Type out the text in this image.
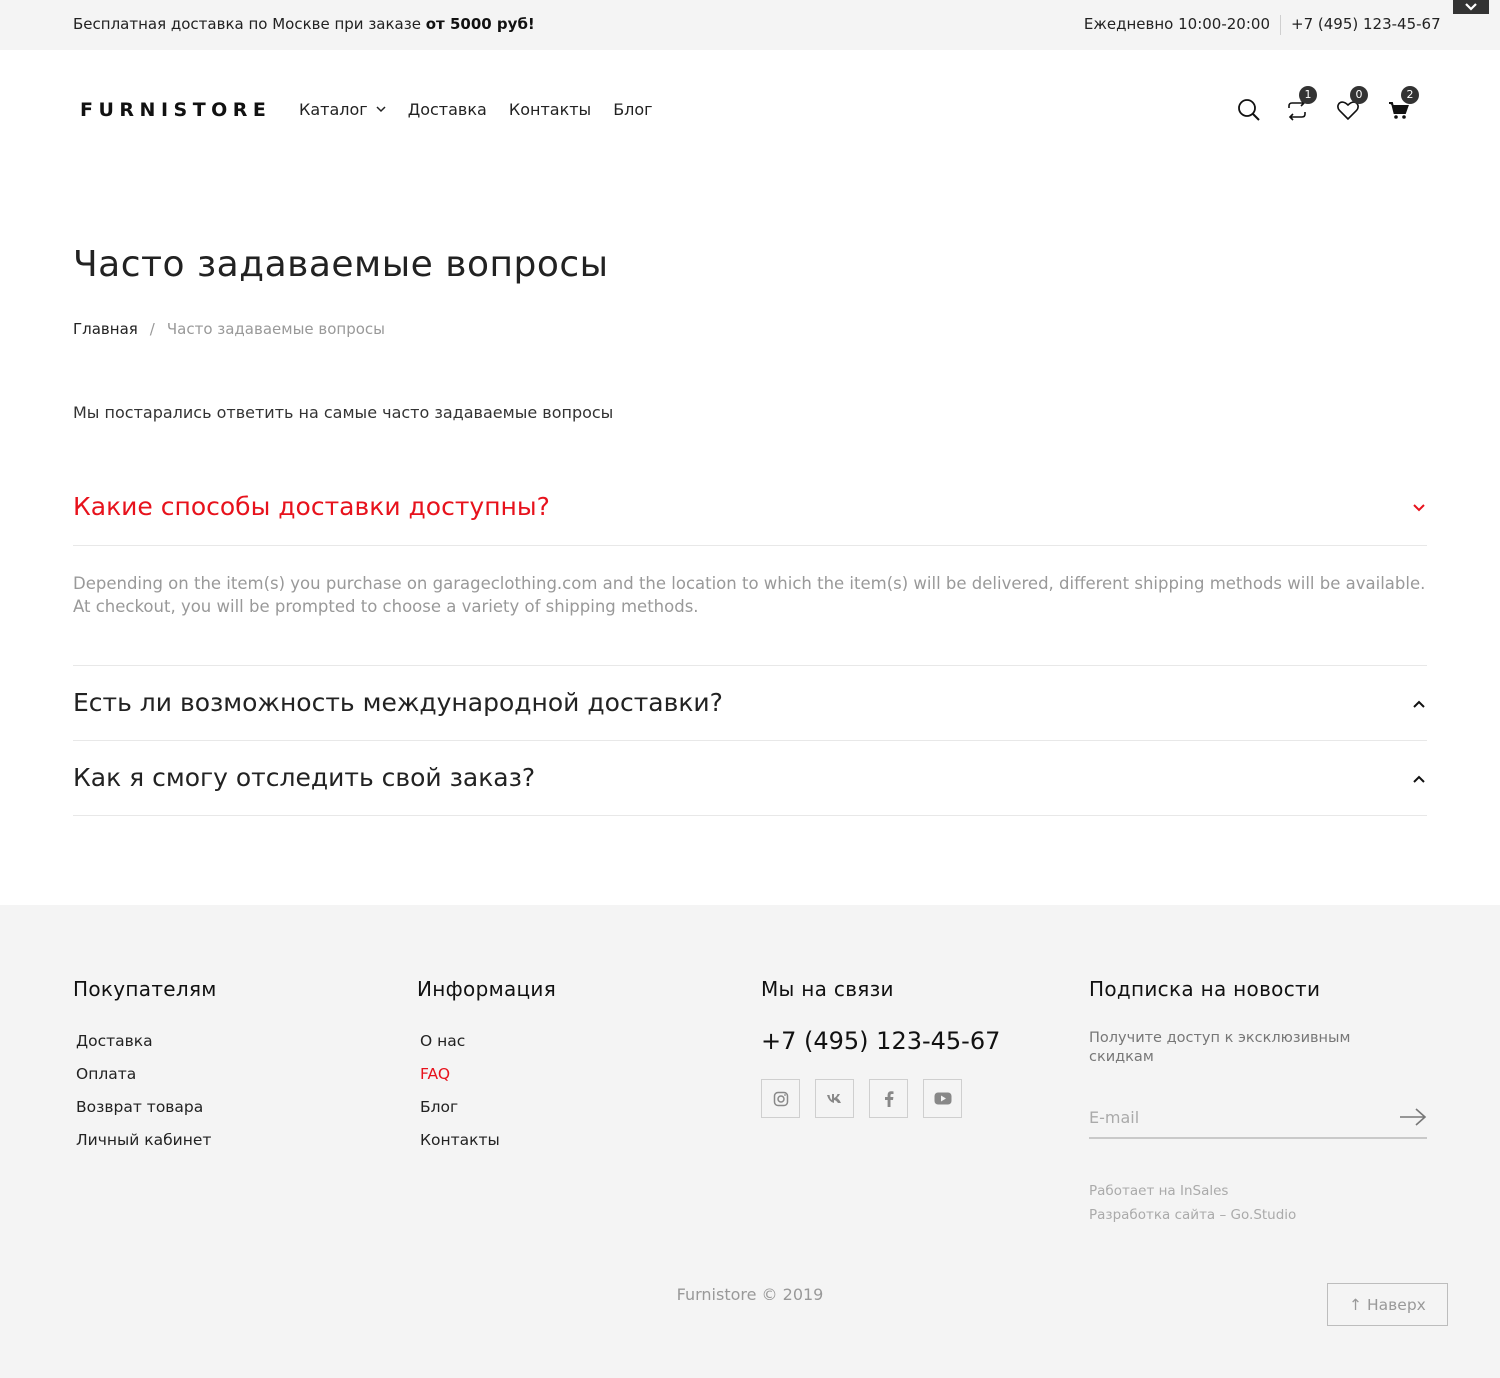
Бесплатная доставка по Москве при заказе от 5000 руб!	Ежедневно 10:00-20:00 +7 (495) 123-45-67
FURNISTORE Каталог	Доставка Контакты Блог
1	0	2
Часто задаваемые вопросы
Главная / Часто задаваемые вопросы

Мы постарались ответить на самые часто задаваемые вопросы

Какие способы доставки доступны?
Depending on the item(s) you purchase on garageclothing.com and the location to which the item(s) will be delivered, different shipping methods will be available. At checkout, you will be prompted to choose a variety of shipping methods.
Есть ли возможность международной доставки?
Как я смогу отследить свой заказ?
Покупателям
Доставка
Оплата
Возврат товара
Личный кабинет
Информация
О нас
FAQ
Блог
Контакты
Мы на связи
+7 (495) 123-45-67
Подписка на новости
Получите доступ к эксклюзивным скидкам
E-mail
Работает на InSales
Разработка сайта – Go.Studio
Furnistore © 2019
↑ Наверх
